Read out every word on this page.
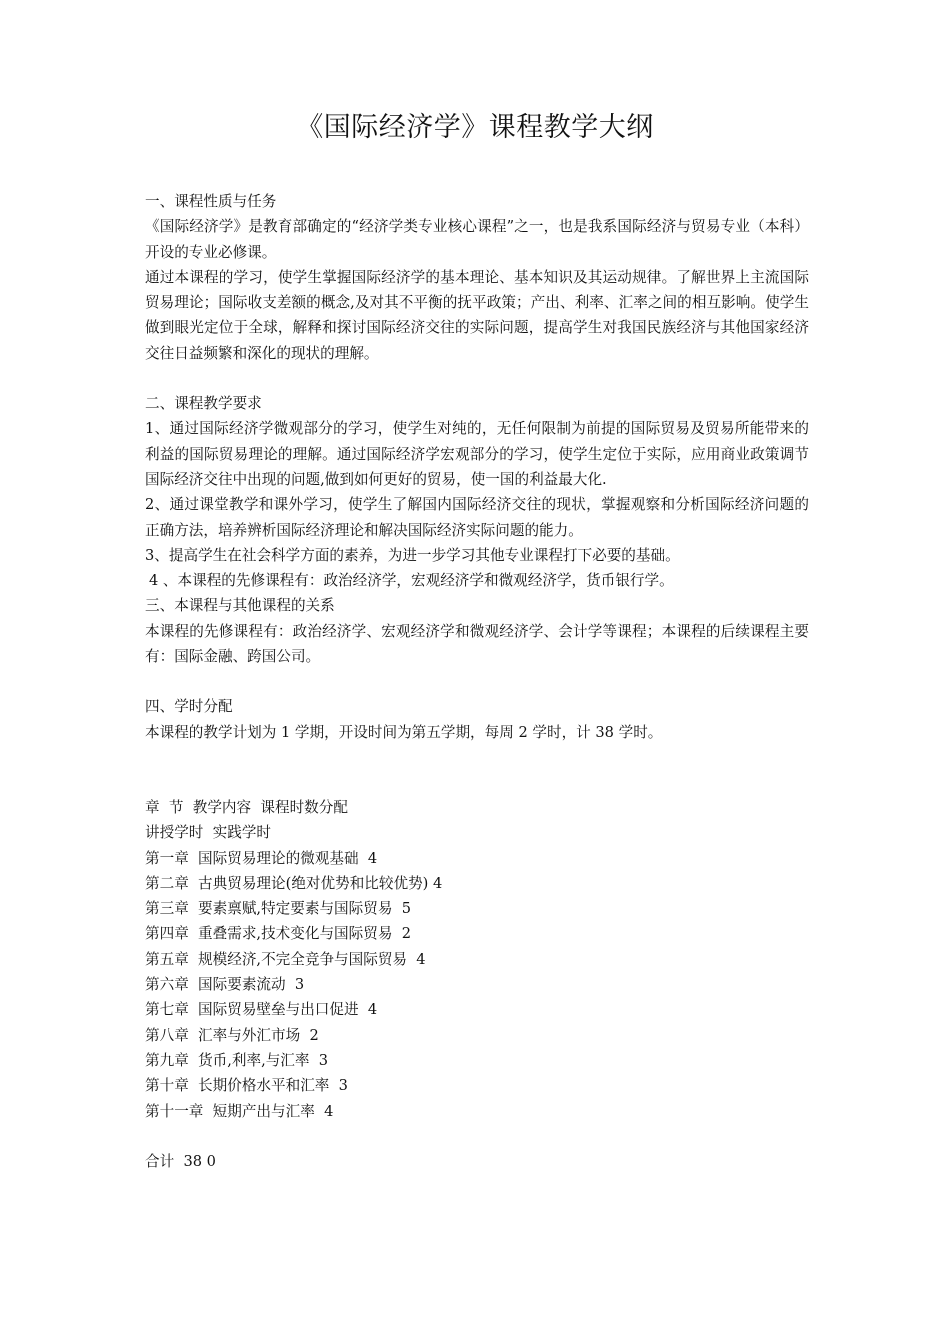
《国际经济学》课程教学大纲

一、课程性质与任务

《国际经济学》是教育部确定的“经济学类专业核心课程”之一，也是我系国际经济与贸易专业（本科）开设的专业必修课。

通过本课程的学习，使学生掌握国际经济学的基本理论、基本知识及其运动规律。了解世界上主流国际贸易理论；国际收支差额的概念,及对其不平衡的抚平政策；产出、利率、汇率之间的相互影响。使学生做到眼光定位于全球，解释和探讨国际经济交往的实际问题，提高学生对我国民族经济与其他国家经济交往日益频繁和深化的现状的理解。

二、课程教学要求

1、通过国际经济学微观部分的学习，使学生对纯的，无任何限制为前提的国际贸易及贸易所能带来的利益的国际贸易理论的理解。通过国际经济学宏观部分的学习，使学生定位于实际，应用商业政策调节国际经济交往中出现的问题,做到如何更好的贸易，使一国的利益最大化.

2、通过课堂教学和课外学习，使学生了解国内国际经济交往的现状，掌握观察和分析国际经济问题的正确方法，培养辨析国际经济理论和解决国际经济实际问题的能力。

3、提高学生在社会科学方面的素养，为进一步学习其他专业课程打下必要的基础。

4 、本课程的先修课程有：政治经济学，宏观经济学和微观经济学，货币银行学。

三、本课程与其他课程的关系

本课程的先修课程有：政治经济学、宏观经济学和微观经济学、会计学等课程；本课程的后续课程主要有：国际金融、跨国公司。

四、学时分配

本课程的教学计划为 1 学期，开设时间为第五学期，每周 2 学时，计 38 学时。

章  节  教学内容  课程时数分配

讲授学时  实践学时

第一章  国际贸易理论的微观基础  4

第二章  古典贸易理论(绝对优势和比较优势) 4

第三章  要素禀赋,特定要素与国际贸易  5

第四章  重叠需求,技术变化与国际贸易  2

第五章  规模经济,不完全竞争与国际贸易  4

第六章  国际要素流动  3

第七章  国际贸易壁垒与出口促进  4

第八章  汇率与外汇市场  2

第九章  货币,利率,与汇率  3

第十章  长期价格水平和汇率  3

第十一章  短期产出与汇率  4

合计  38 0
